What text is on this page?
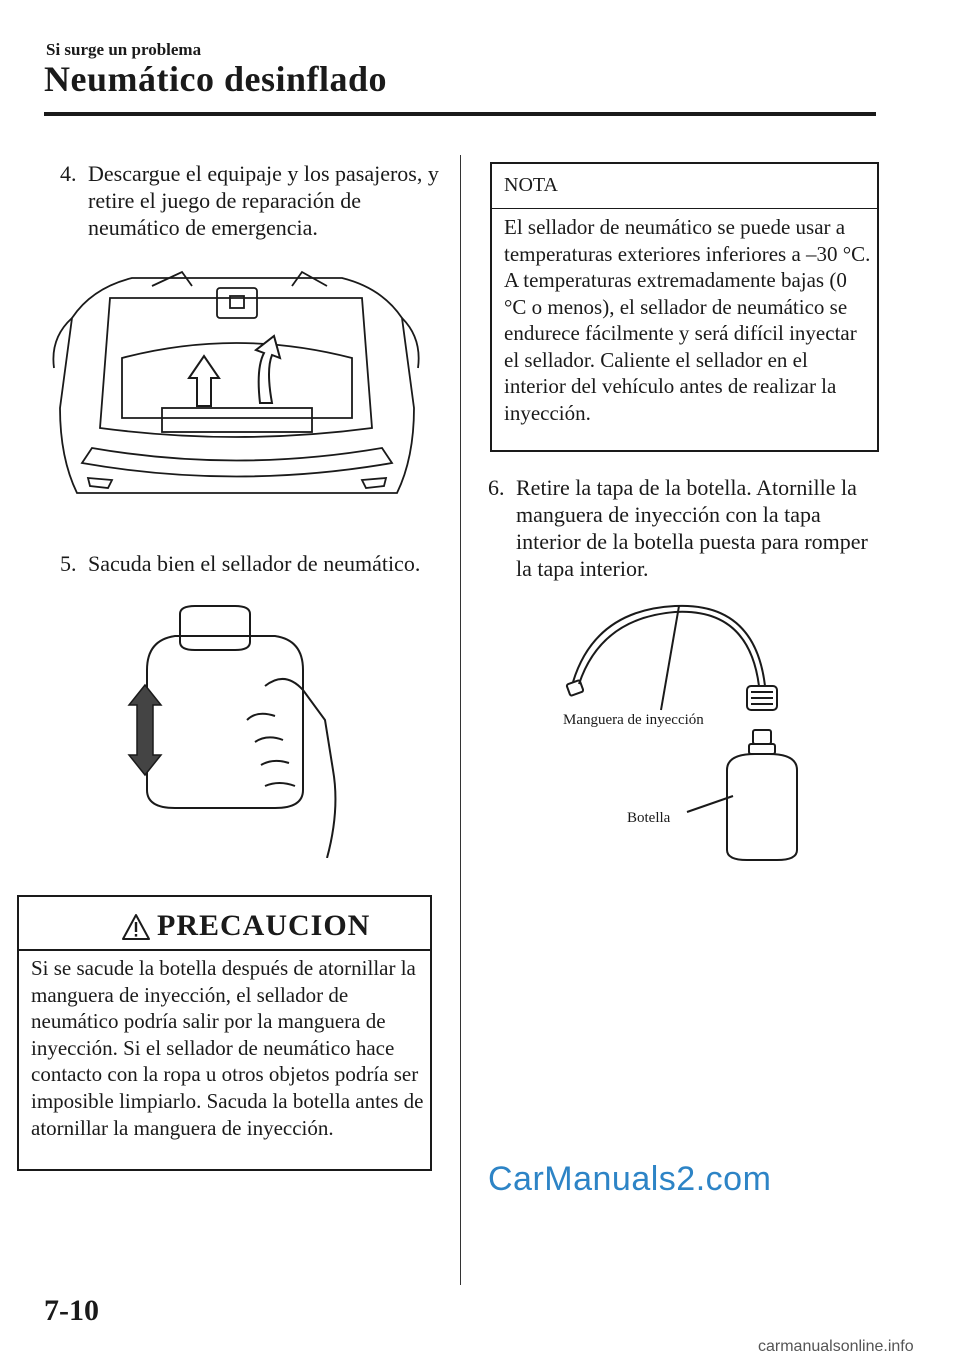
Si surge un problema
Neumático desinflado
4. Descargue el equipaje y los pasajeros, y retire el juego de reparación de neumático de emergencia.
5. Sacuda bien el sellador de neumático.
PRECAUCION
Si se sacude la botella después de atornillar la manguera de inyección, el sellador de neumático podría salir por la manguera de inyección. Si el sellador de neumático hace contacto con la ropa u otros objetos podría ser imposible limpiarlo. Sacuda la botella antes de atornillar la manguera de inyección.
NOTA
El sellador de neumático se puede usar a temperaturas exteriores inferiores a –30 °C. A temperaturas extremadamente bajas (0 °C o menos), el sellador de neumático se endurece fácilmente y será difícil inyectar el sellador. Caliente el sellador en el interior del vehículo antes de realizar la inyección.
6. Retire la tapa de la botella. Atornille la manguera de inyección con la tapa interior de la botella puesta para romper la tapa interior.
Manguera de inyección
Botella
CarManuals2.com
7-10
carmanualsonline.info
